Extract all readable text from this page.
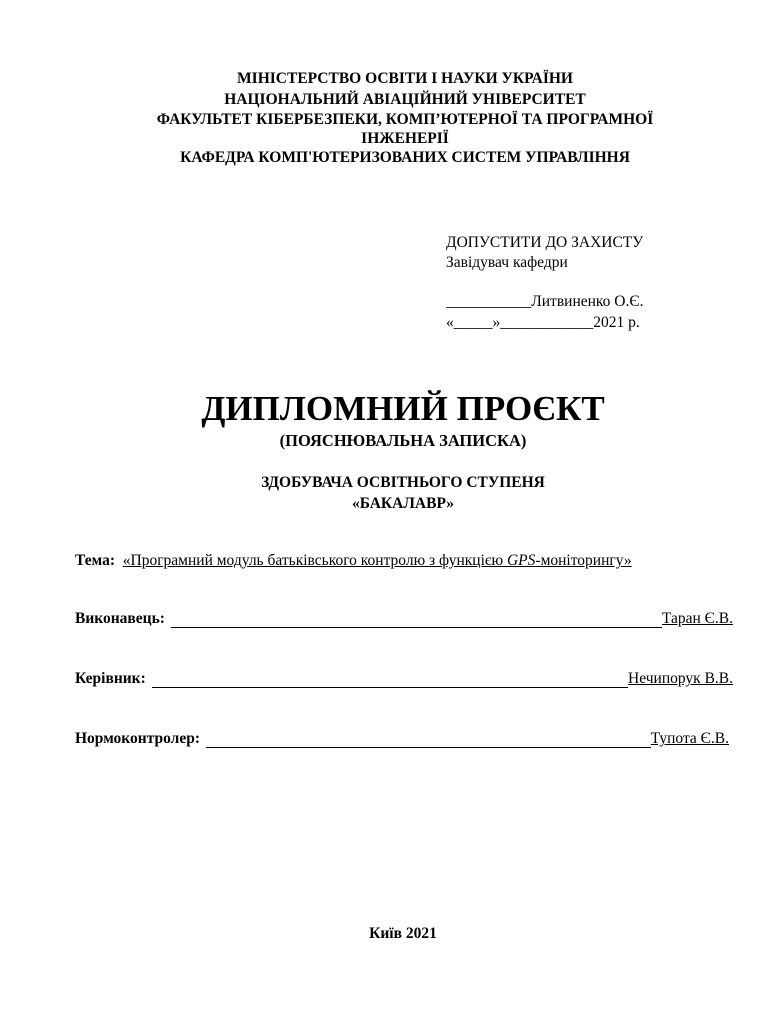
МІНІСТЕРСТВО ОСВІТИ І НАУКИ УКРАЇНИ
НАЦІОНАЛЬНИЙ АВІАЦІЙНИЙ УНІВЕРСИТЕТ
ФАКУЛЬТЕТ КІБЕРБЕЗПЕКИ, КОМП’ЮТЕРНОЇ ТА ПРОГРАМНОЇ
ІНЖЕНЕРІЇ
КАФЕДРА КОМП'ЮТЕРИЗОВАНИХ СИСТЕМ УПРАВЛІННЯ
ДОПУСТИТИ ДО ЗАХИСТУ
Завідувач кафедри
___________Литвиненко О.Є.
«_____»____________2021 р.
ДИПЛОМНИЙ ПРОЄКТ
(ПОЯСНЮВАЛЬНА ЗАПИСКА)
ЗДОБУВАЧА ОСВІТНЬОГО СТУПЕНЯ
«БАКАЛАВР»
Тема: «Програмний модуль батьківського контролю з функцією GPS-моніторингу»
Виконавець:	Таран Є.В.
Керівник:	Нечипорук В.В.
Нормоконтролер:	Тупота Є.В.
Київ 2021
